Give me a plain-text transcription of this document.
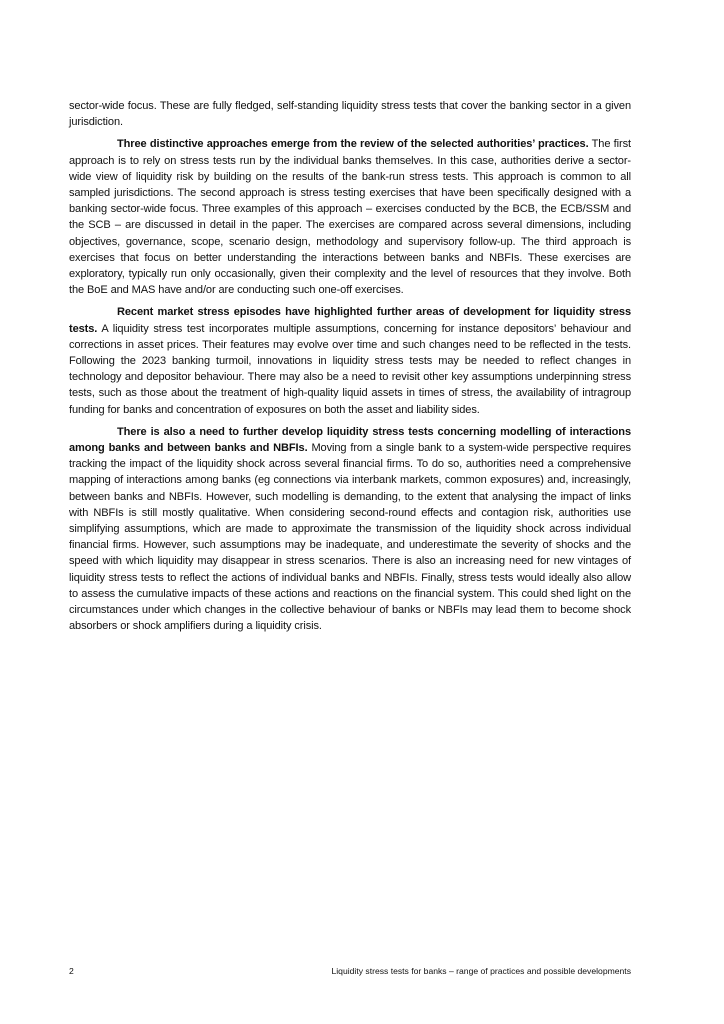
sector-wide focus. These are fully fledged, self-standing liquidity stress tests that cover the banking sector in a given jurisdiction.

Three distinctive approaches emerge from the review of the selected authorities’ practices. The first approach is to rely on stress tests run by the individual banks themselves. In this case, authorities derive a sector-wide view of liquidity risk by building on the results of the bank-run stress tests. This approach is common to all sampled jurisdictions. The second approach is stress testing exercises that have been specifically designed with a banking sector-wide focus. Three examples of this approach – exercises conducted by the BCB, the ECB/SSM and the SCB – are discussed in detail in the paper. The exercises are compared across several dimensions, including objectives, governance, scope, scenario design, methodology and supervisory follow-up. The third approach is exercises that focus on better understanding the interactions between banks and NBFIs. These exercises are exploratory, typically run only occasionally, given their complexity and the level of resources that they involve. Both the BoE and MAS have and/or are conducting such one-off exercises.

Recent market stress episodes have highlighted further areas of development for liquidity stress tests. A liquidity stress test incorporates multiple assumptions, concerning for instance depositors’ behaviour and corrections in asset prices. Their features may evolve over time and such changes need to be reflected in the tests. Following the 2023 banking turmoil, innovations in liquidity stress tests may be needed to reflect changes in technology and depositor behaviour. There may also be a need to revisit other key assumptions underpinning stress tests, such as those about the treatment of high-quality liquid assets in times of stress, the availability of intragroup funding for banks and concentration of exposures on both the asset and liability sides.

There is also a need to further develop liquidity stress tests concerning modelling of interactions among banks and between banks and NBFIs. Moving from a single bank to a system-wide perspective requires tracking the impact of the liquidity shock across several financial firms. To do so, authorities need a comprehensive mapping of interactions among banks (eg connections via interbank markets, common exposures) and, increasingly, between banks and NBFIs. However, such modelling is demanding, to the extent that analysing the impact of links with NBFIs is still mostly qualitative. When considering second-round effects and contagion risk, authorities use simplifying assumptions, which are made to approximate the transmission of the liquidity shock across individual financial firms. However, such assumptions may be inadequate, and underestimate the severity of shocks and the speed with which liquidity may disappear in stress scenarios. There is also an increasing need for new vintages of liquidity stress tests to reflect the actions of individual banks and NBFIs. Finally, stress tests would ideally also allow to assess the cumulative impacts of these actions and reactions on the financial system. This could shed light on the circumstances under which changes in the collective behaviour of banks or NBFIs may lead them to become shock absorbers or shock amplifiers during a liquidity crisis.

2	Liquidity stress tests for banks – range of practices and possible developments
